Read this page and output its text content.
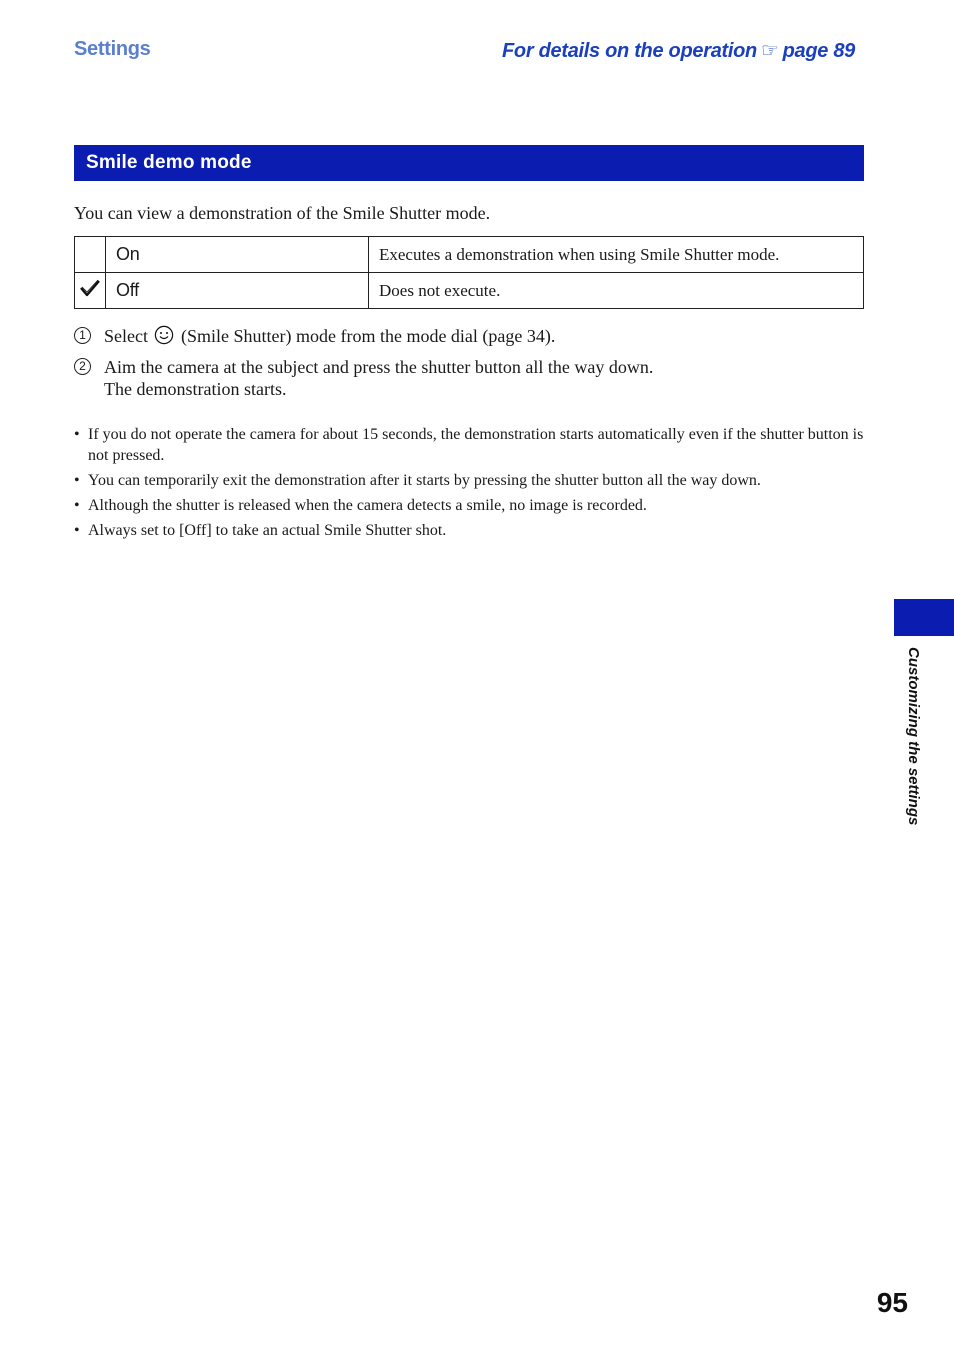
Settings	For details on the operation ☞ page 89
Smile demo mode
You can view a demonstration of the Smile Shutter mode.
	On	Executes a demonstration when using Smile Shutter mode.
	Off	Does not execute.
1 Select (Smile Shutter) mode from the mode dial (page 34).
2 Aim the camera at the subject and press the shutter button all the way down.
The demonstration starts.
• If you do not operate the camera for about 15 seconds, the demonstration starts automatically even if the shutter button is not pressed.
• You can temporarily exit the demonstration after it starts by pressing the shutter button all the way down.
• Although the shutter is released when the camera detects a smile, no image is recorded.
• Always set to [Off] to take an actual Smile Shutter shot.
Customizing the settings
95
